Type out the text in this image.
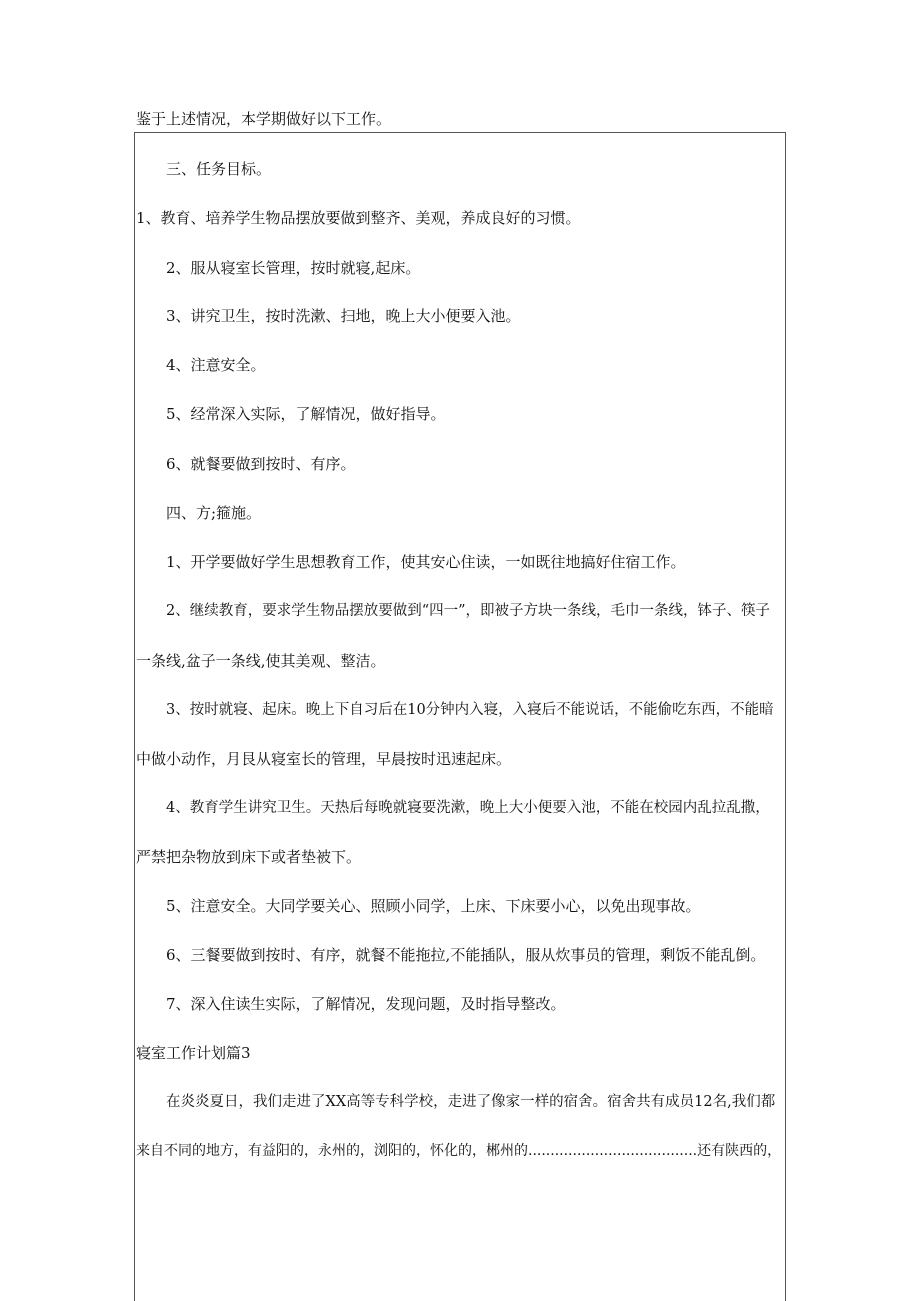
鉴于上述情况，本学期做好以下工作。
三、任务目标。
1、教育、培养学生物品摆放要做到整齐、美观，养成良好的习惯。
2、服从寝室长管理，按时就寝,起床。
3、讲究卫生，按时洗漱、扫地，晚上大小便要入池。
4、注意安全。
5、经常深入实际，了解情况，做好指导。
6、就餐要做到按时、有序。
四、方;箍施。
1、开学要做好学生思想教育工作，使其安心住读，一如既往地搞好住宿工作。
2、继续教育，要求学生物品摆放要做到“四一”，即被子方块一条线，毛巾一条线，钵子、筷子
一条线,盆子一条线,使其美观、整洁。
3、按时就寝、起床。晚上下自习后在10分钟内入寝，入寝后不能说话，不能偷吃东西，不能暗
中做小动作，月艮从寝室长的管理，早晨按时迅速起床。
4、教育学生讲究卫生。天热后每晚就寝要洗漱，晚上大小便要入池，不能在校园内乱拉乱撒，
严禁把杂物放到床下或者垫被下。
5、注意安全。大同学要关心、照顾小同学，上床、下床要小心，以免出现事故。
6、三餐要做到按时、有序，就餐不能拖拉,不能插队，服从炊事员的管理，剩饭不能乱倒。
7、深入住读生实际，了解情况，发现问题，及时指导整改。
寝室工作计划篇3
在炎炎夏日，我们走进了XX高等专科学校，走进了像家一样的宿舍。宿舍共有成员12名,我们都
来自不同的地方，有益阳的，永州的，浏阳的，怀化的，郴州的......................................还有陕西的，
